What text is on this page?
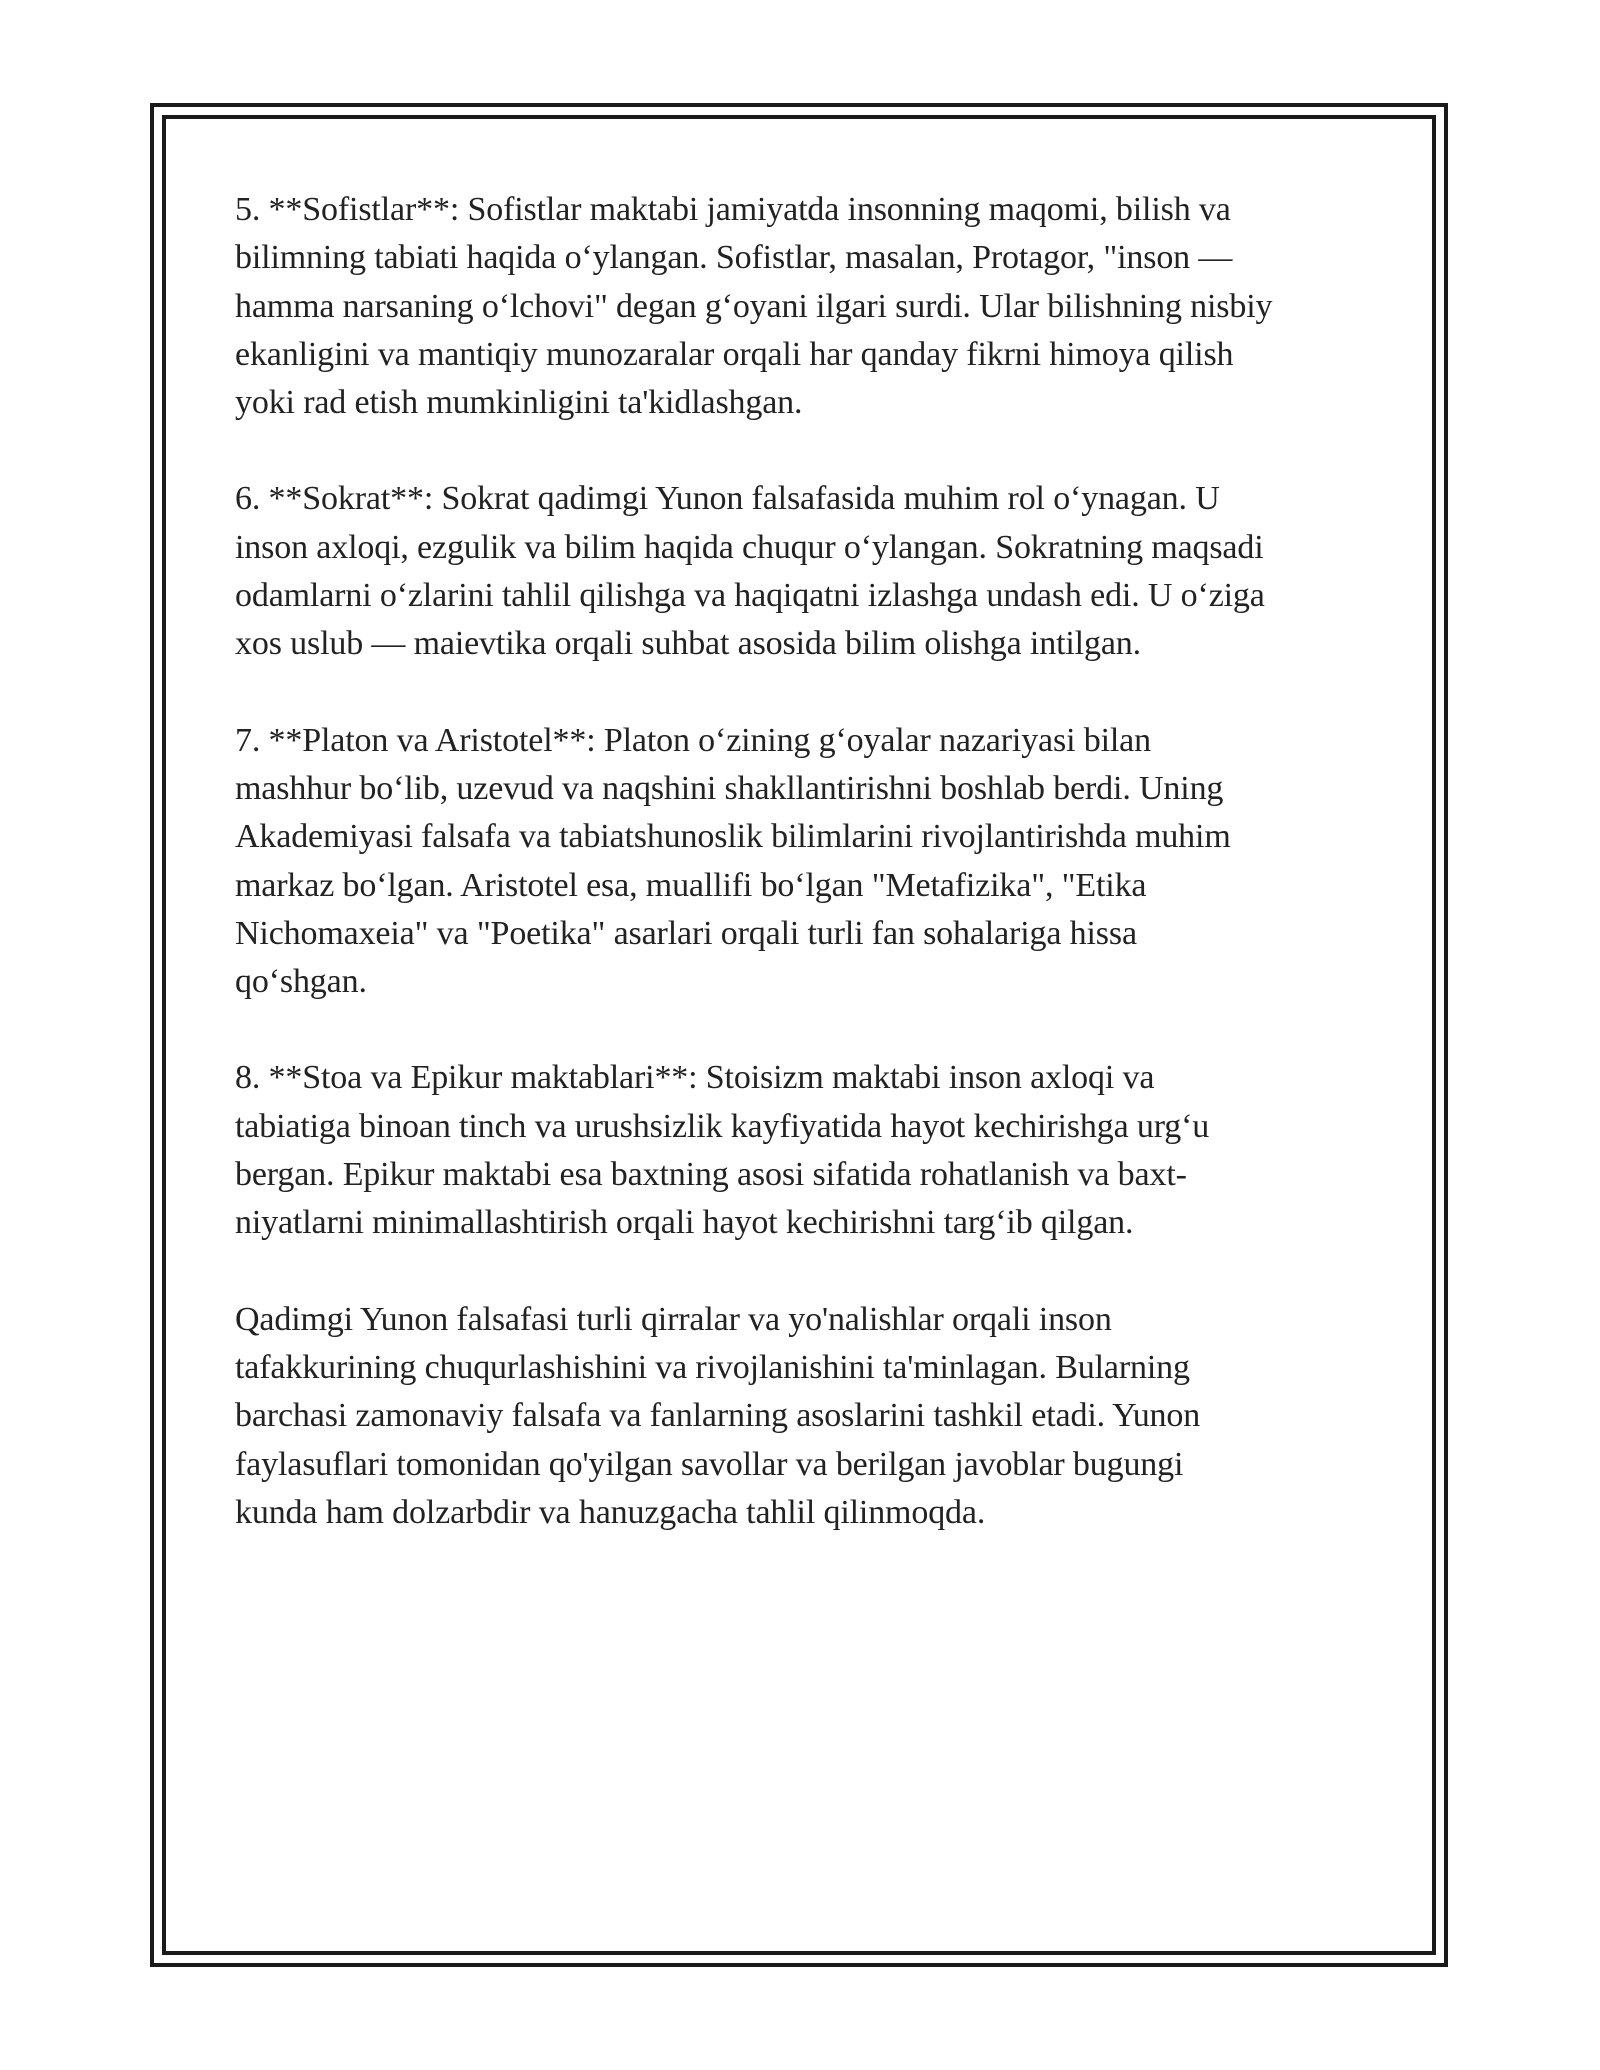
5. **Sofistlar**: Sofistlar maktabi jamiyatda insonning maqomi, bilish va
bilimning tabiati haqida o‘ylangan. Sofistlar, masalan, Protagor, "inson —
hamma narsaning o‘lchovi" degan g‘oyani ilgari surdi. Ular bilishning nisbiy
ekanligini va mantiqiy munozaralar orqali har qanday fikrni himoya qilish
yoki rad etish mumkinligini ta'kidlashgan.

6. **Sokrat**: Sokrat qadimgi Yunon falsafasida muhim rol o‘ynagan. U
inson axloqi, ezgulik va bilim haqida chuqur o‘ylangan. Sokratning maqsadi
odamlarni o‘zlarini tahlil qilishga va haqiqatni izlashga undash edi. U o‘ziga
xos uslub — maievtika orqali suhbat asosida bilim olishga intilgan.

7. **Platon va Aristotel**: Platon o‘zining g‘oyalar nazariyasi bilan
mashhur bo‘lib, uzevud va naqshini shakllantirishni boshlab berdi. Uning
Akademiyasi falsafa va tabiatshunoslik bilimlarini rivojlantirishda muhim
markaz bo‘lgan. Aristotel esa, muallifi bo‘lgan "Metafizika", "Etika
Nichomaxeia" va "Poetika" asarlari orqali turli fan sohalariga hissa
qo‘shgan.

8. **Stoa va Epikur maktablari**: Stoisizm maktabi inson axloqi va
tabiatiga binoan tinch va urushsizlik kayfiyatida hayot kechirishga urg‘u
bergan. Epikur maktabi esa baxtning asosi sifatida rohatlanish va baxt-
niyatlarni minimallashtirish orqali hayot kechirishni targ‘ib qilgan.

Qadimgi Yunon falsafasi turli qirralar va yo'nalishlar orqali inson
tafakkurining chuqurlashishini va rivojlanishini ta'minlagan. Bularning
barchasi zamonaviy falsafa va fanlarning asoslarini tashkil etadi. Yunon
faylasuflari tomonidan qo'yilgan savollar va berilgan javoblar bugungi
kunda ham dolzarbdir va hanuzgacha tahlil qilinmoqda.
